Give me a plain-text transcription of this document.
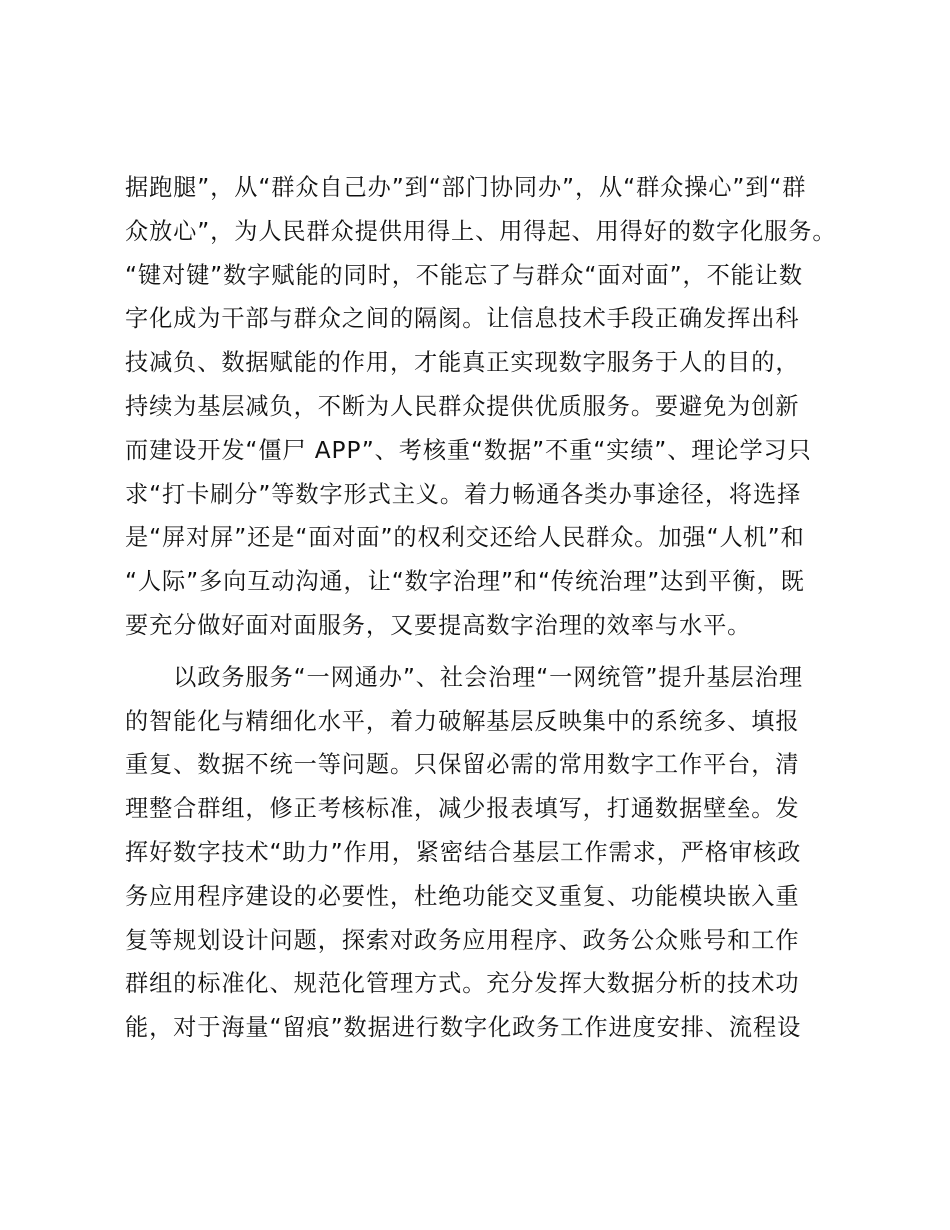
据跑腿”，从“群众自己办”到“部门协同办”，从“群众操心”到“群

众放心”，为人民群众提供用得上、用得起、用得好的数字化服务。

“键对键”数字赋能的同时，不能忘了与群众“面对面”，不能让数

字化成为干部与群众之间的隔阂。让信息技术手段正确发挥出科

技减负、数据赋能的作用，才能真正实现数字服务于人的目的，

持续为基层减负，不断为人民群众提供优质服务。要避免为创新

而建设开发“僵尸 APP”、考核重“数据”不重“实绩”、理论学习只

求“打卡刷分”等数字形式主义。着力畅通各类办事途径，将选择

是“屏对屏”还是“面对面”的权利交还给人民群众。加强“人机”和

“人际”多向互动沟通，让“数字治理”和“传统治理”达到平衡，既

要充分做好面对面服务，又要提高数字治理的效率与水平。

　　以政务服务“一网通办”、社会治理“一网统管”提升基层治理

的智能化与精细化水平，着力破解基层反映集中的系统多、填报

重复、数据不统一等问题。只保留必需的常用数字工作平台，清

理整合群组，修正考核标准，减少报表填写，打通数据壁垒。发

挥好数字技术“助力”作用，紧密结合基层工作需求，严格审核政

务应用程序建设的必要性，杜绝功能交叉重复、功能模块嵌入重

复等规划设计问题，探索对政务应用程序、政务公众账号和工作

群组的标准化、规范化管理方式。充分发挥大数据分析的技术功

能，对于海量“留痕”数据进行数字化政务工作进度安排、流程设
